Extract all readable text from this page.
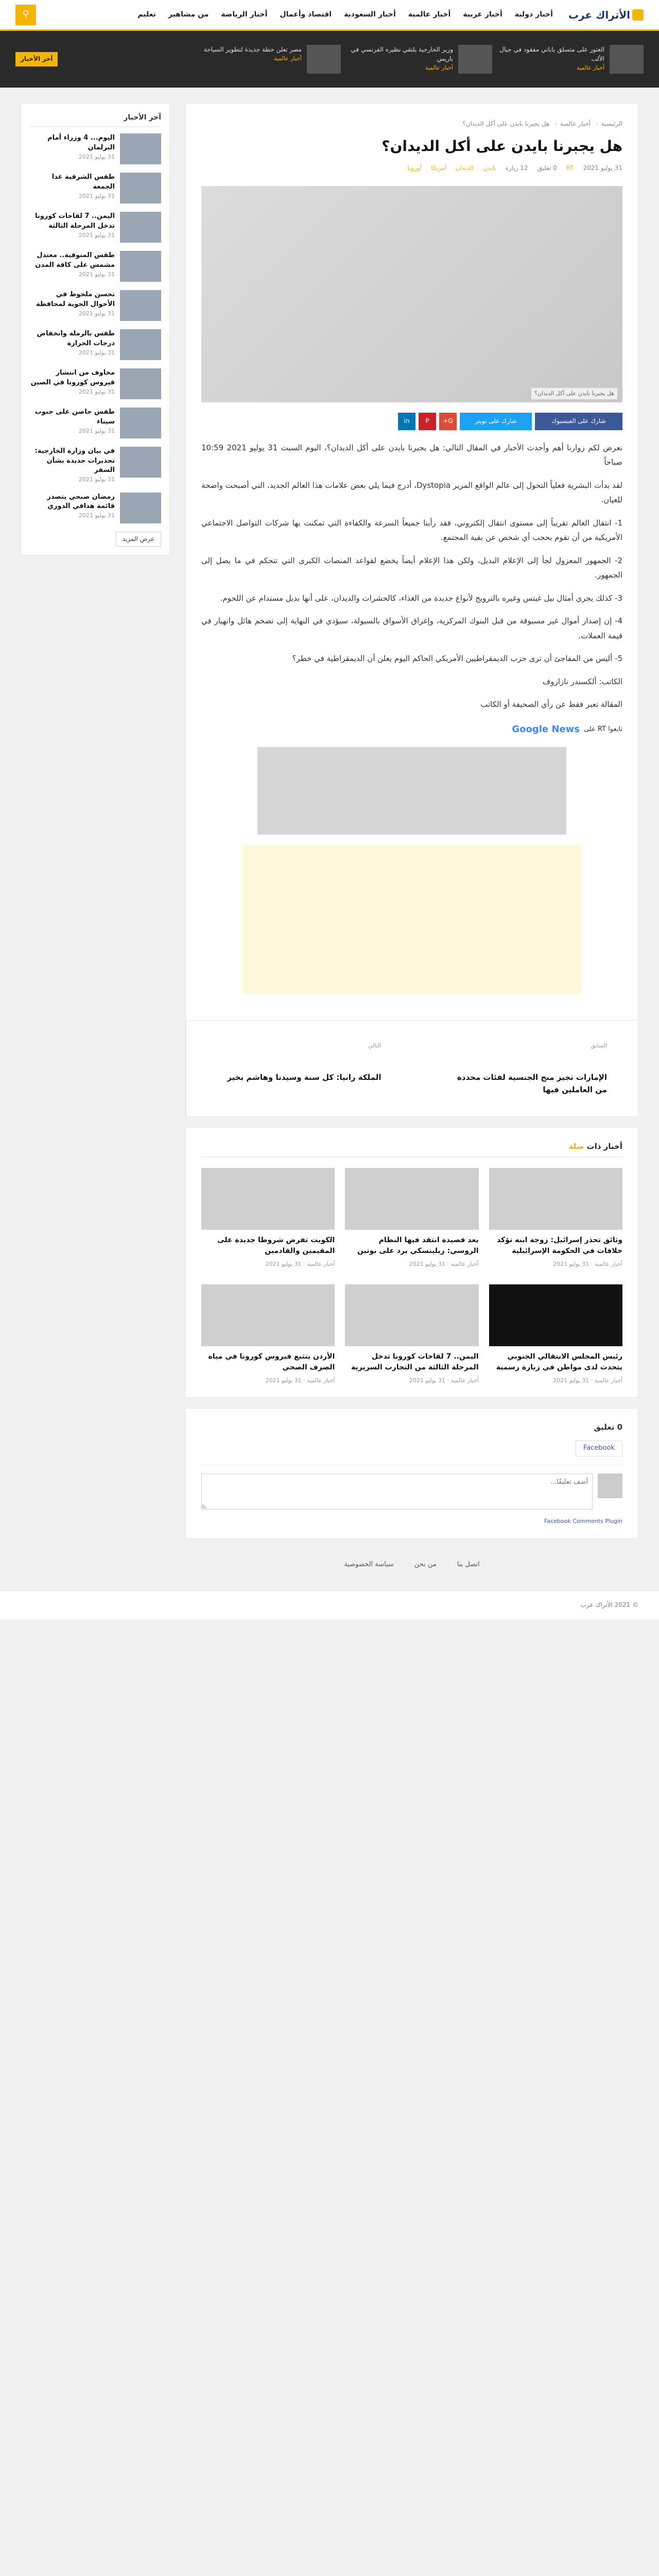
الأتراك عرب
أخبار دولية
أخبار عربية
أخبار عالمية
أخبار السعودية
اقتصاد وأعمال
أخبار الرياضة
من مشاهير
تعليم
⚲
العثور على متسلق ياباني مفقود في جبال الألب
أخبار عالمية
وزير الخارجية يلتقي نظيره الفرنسي في باريس
أخبار عالمية
مصر تعلن خطة جديدة لتطوير السياحة
أخبار عالمية
آخر الأخبار
الرئيسية› أخبار عالمية› هل يجبرنا بايدن على أكل الديدان؟
هل يجبرنا بايدن على أكل الديدان؟
31 يوليو 2021
RT
0 تعليق
12 زيارة
بايدن
الديدان
أمريكا
أوروبا
هل يجبرنا بايدن على أكل الديدان؟
شارك على الفيسبوك
شارك على تويتر
G+
P
in

نعرض لكم زوارنا أهم وأحدث الأخبار في المقال التالي: هل يجبرنا بايدن على أكل الديدان؟، اليوم السبت 31 يوليو 2021 10:59 صباحاً

لقد بدأت البشرية فعلياً التحول إلى عالم الواقع المرير Dystopia، أدرج فيما يلي بعض علامات هذا العالم الجديد، التي أصبحت واضحة للعيان.

1- انتقال العالم تقريباً إلى مستوى انتقال إلكتروني، فقد رأينا جميعاً السرعة والكفاءة التي تمكنت بها شركات التواصل الاجتماعي الأمريكية من أن تقوم بحجب أي شخص عن بقية المجتمع.

2- الجمهور المعزول لجأ إلى الإعلام البديل، ولكن هذا الإعلام أيضاً يخضع لقواعد المنصات الكبرى التي تتحكم في ما يصل إلى الجمهور.

3- كذلك يجري أمثال بيل غيتس وغيره بالترويج لأنواع جديدة من الغذاء، كالحشرات والديدان، على أنها بديل مستدام عن اللحوم.

4- إن إصدار أموال غير مسبوقة من قبل البنوك المركزية، وإغراق الأسواق بالسيولة، سيؤدي في النهاية إلى تضخم هائل وانهيار في قيمة العملات.

5- أليس من المفاجئ أن ترى حزب الديمقراطيين الأمريكي الحاكم اليوم يعلن أن الديمقراطية في خطر؟

الكاتب: ألكسندر نازاروف

المقالة تعبر فقط عن رأي الصحيفة أو الكاتب

تابعوا RT على
Google News
السابق
الإمارات تجيز منح الجنسية لفئات محددة من العاملين فيها
التالي
الملكة رانيا: كل سنة وسيدنا وهاشم بخير
أخبار ذات صلة
وثائق تحذر إسرائيل: زوجة ابنه تؤكد خلافات في الحكومة الإسرائيلية
أخبار عالمية · 31 يوليو 2021
بعد قصيدة انتقد فيها النظام الروسي: زيلينسكي يرد على بوتين
أخبار عالمية · 31 يوليو 2021
الكويت تفرض شروطا جديدة على المقيمين والقادمين
أخبار عالمية · 31 يوليو 2021
رئيس المجلس الانتقالي الجنوبي يتحدث لدى مواطن في زيارة رسمية
أخبار عالمية · 31 يوليو 2021
اليمن.. 7 لقاحات كورونا تدخل المرحلة الثالثة من التجارب السريرية
أخبار عالمية · 31 يوليو 2021
الأردن يتتبع فيروس كورونا في مياه الصرف الصحي
أخبار عالمية · 31 يوليو 2021
0 تعليق
Facebook
أضف تعليقًا...
Facebook Comments Plugin
اتصل بنا
من نحن
سياسة الخصوصية
آخر الأخبار
اليوم... 4 وزراء أمام البرلمان
31 يوليو 2021
طقس الشرقية غدا الجمعة
31 يوليو 2021
اليمن.. 7 لقاحات كورونا تدخل المرحلة الثالثة
31 يوليو 2021
طقس المنوفية.. معتدل مشمس على كافة المدن
31 يوليو 2021
تحسن ملحوظ في الأحوال الجوية لمحافظة
31 يوليو 2021
طقس بالرملة وانخفاض درجات الحرارة
31 يوليو 2021
مخاوف من انتشار فيروس كورونا في الصين
31 يوليو 2021
طقس حاضن على جنوب سيناء
31 يوليو 2021
في بيان وزارة الخارجية: تحذيرات جديدة بشأن السفر
31 يوليو 2021
رمضان صبحي يتصدر قائمة هدافي الدوري
31 يوليو 2021
عرض المزيد
© 2021 الأتراك عرب
